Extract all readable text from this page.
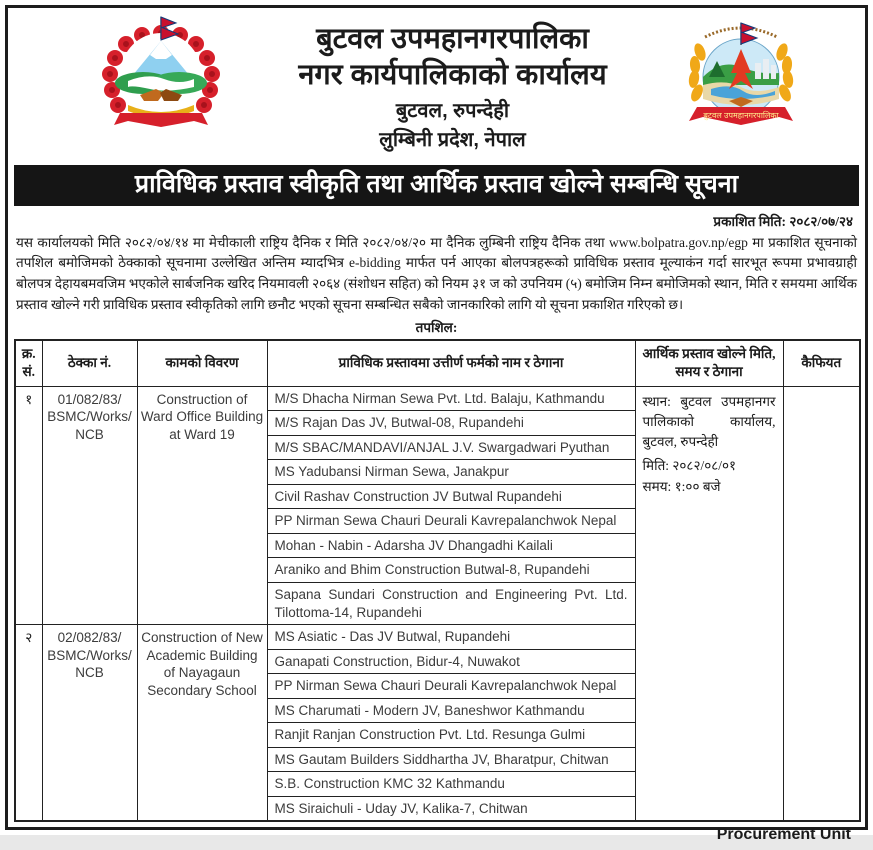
बुटवल उपमहानगरपालिका
नगर कार्यपालिकाको कार्यालय
बुटवल, रुपन्देही
लुम्बिनी प्रदेश, नेपाल
बुटवल उपमहानगरपालिका
प्राविधिक प्रस्ताव स्वीकृति तथा आर्थिक प्रस्ताव खोल्ने सम्बन्धि सूचना
प्रकाशित मिति: २०८२/०७/२४
यस कार्यालयको मिति २०८२/०४/१४ मा मेचीकाली राष्ट्रिय दैनिक र मिति २०८२/०४/२० मा दैनिक लुम्बिनी राष्ट्रिय दैनिक तथा www.bolpatra.gov.np/egp मा प्रकाशित सूचनाको तपशिल बमोजिमको ठेक्काको सूचनामा उल्लेखित अन्तिम म्यादभित्र e-bidding मार्फत पर्न आएका बोलपत्रहरूको प्राविधिक प्रस्ताव मूल्याकंन गर्दा सारभूत रूपमा प्रभावग्राही बोलपत्र देहायबमवजिम भएकोले सार्बजनिक खरिद नियमावली २०६४ (संशोधन सहित) को नियम ३१ ज को उपनियम (५) बमोजिम निम्न बमोजिमको स्थान, मिति र समयमा आर्थिक प्रस्ताव खोल्ने गरी प्राविधिक प्रस्ताव स्वीकृतिको लागि छनौट भएको सूचना सम्बन्धित सबैको जानकारिको लागि यो सूचना प्रकाशित गरिएको छ।
तपशिल:
क्र. सं.	ठेक्का नं.	कामको विवरण	प्राविधिक प्रस्तावमा उत्तीर्ण फर्मको नाम र ठेगाना	आर्थिक प्रस्ताव खोल्ने मिति, समय र ठेगाना	कैफियत
१	01/​082/​83/​BSMC/​Works/​NCB	Construction of Ward Office Building at Ward 19	M/S Dhacha Nirman Sewa Pvt. Ltd. Balaju, Kathmandu	स्थान: बुटवल उपमहानगर पालिकाको कार्यालय, बुटवल, रुपन्देही
मिति: २०८२/०८/०१
समय: १:०० बजे	

			M/S Rajan Das JV, Butwal-08, Rupandehi		
			M/S SBAC/MANDAVI/ANJAL J.V. Swargadwari Pyuthan		
			MS Yadubansi Nirman Sewa, Janakpur		
			Civil Rashav Construction JV Butwal Rupandehi		
			PP Nirman Sewa Chauri Deurali Kavrepalanchwok Nepal		
			Mohan - Nabin - Adarsha JV Dhangadhi Kailali		
			Araniko and Bhim Construction Butwal-8, Rupandehi		
			Sapana Sundari Construction and Engineering Pvt. Ltd. Tilottoma-14, Rupandehi		
२	02/​082/​83/​BSMC/​Works/​NCB	Construction of New Academic Building of Nayagaun Secondary School	MS Asiatic - Das JV Butwal, Rupandehi		
			Ganapati Construction, Bidur-4, Nuwakot		
			PP Nirman Sewa Chauri Deurali Kavrepalanchwok Nepal		
			MS Charumati - Modern JV, Baneshwor Kathmandu		
			Ranjit Ranjan Construction Pvt. Ltd. Resunga Gulmi		
			MS Gautam Builders Siddhartha JV, Bharatpur, Chitwan		
			S.B. Construction KMC 32 Kathmandu		
			MS Siraichuli - Uday JV, Kalika-7, Chitwan		
Procurement Unit
